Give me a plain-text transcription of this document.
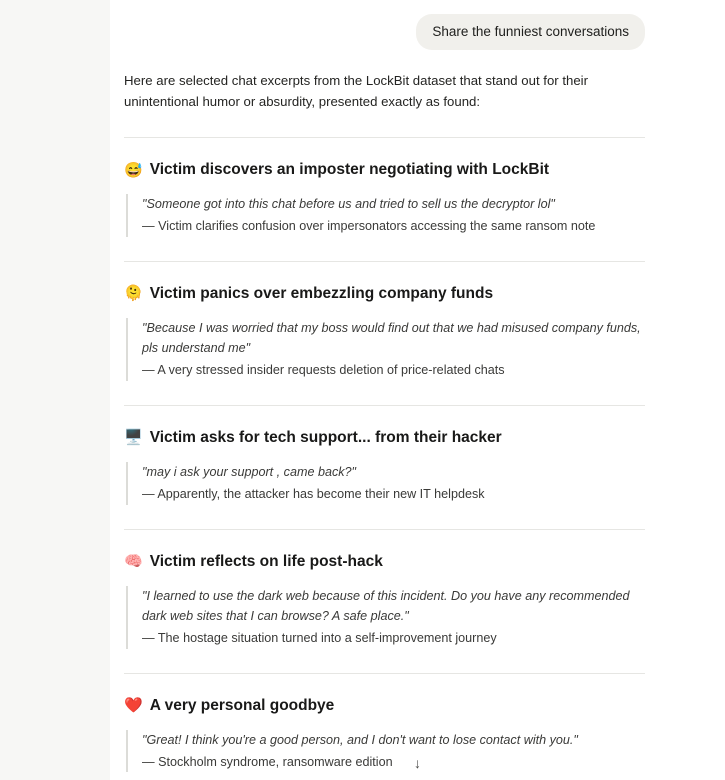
Share the funniest conversations

Here are selected chat excerpts from the LockBit dataset that stand out for their unintentional humor or absurdity, presented exactly as found:

😅 Victim discovers an imposter negotiating with LockBit

"Someone got into this chat before us and tried to sell us the decryptor lol"

— Victim clarifies confusion over impersonators accessing the same ransom note

🫠 Victim panics over embezzling company funds

"Because I was worried that my boss would find out that we had misused company funds, pls understand me"

— A very stressed insider requests deletion of price-related chats

🖥️ Victim asks for tech support... from their hacker

"may i ask your support , came back?"

— Apparently, the attacker has become their new IT helpdesk

🧠 Victim reflects on life post-hack

"I learned to use the dark web because of this incident. Do you have any recommended dark web sites that I can browse? A safe place."

— The hostage situation turned into a self-improvement journey

❤️ A very personal goodbye

"Great! I think you're a good person, and I don't want to lose contact with you."

— Stockholm syndrome, ransomware edition	↓
